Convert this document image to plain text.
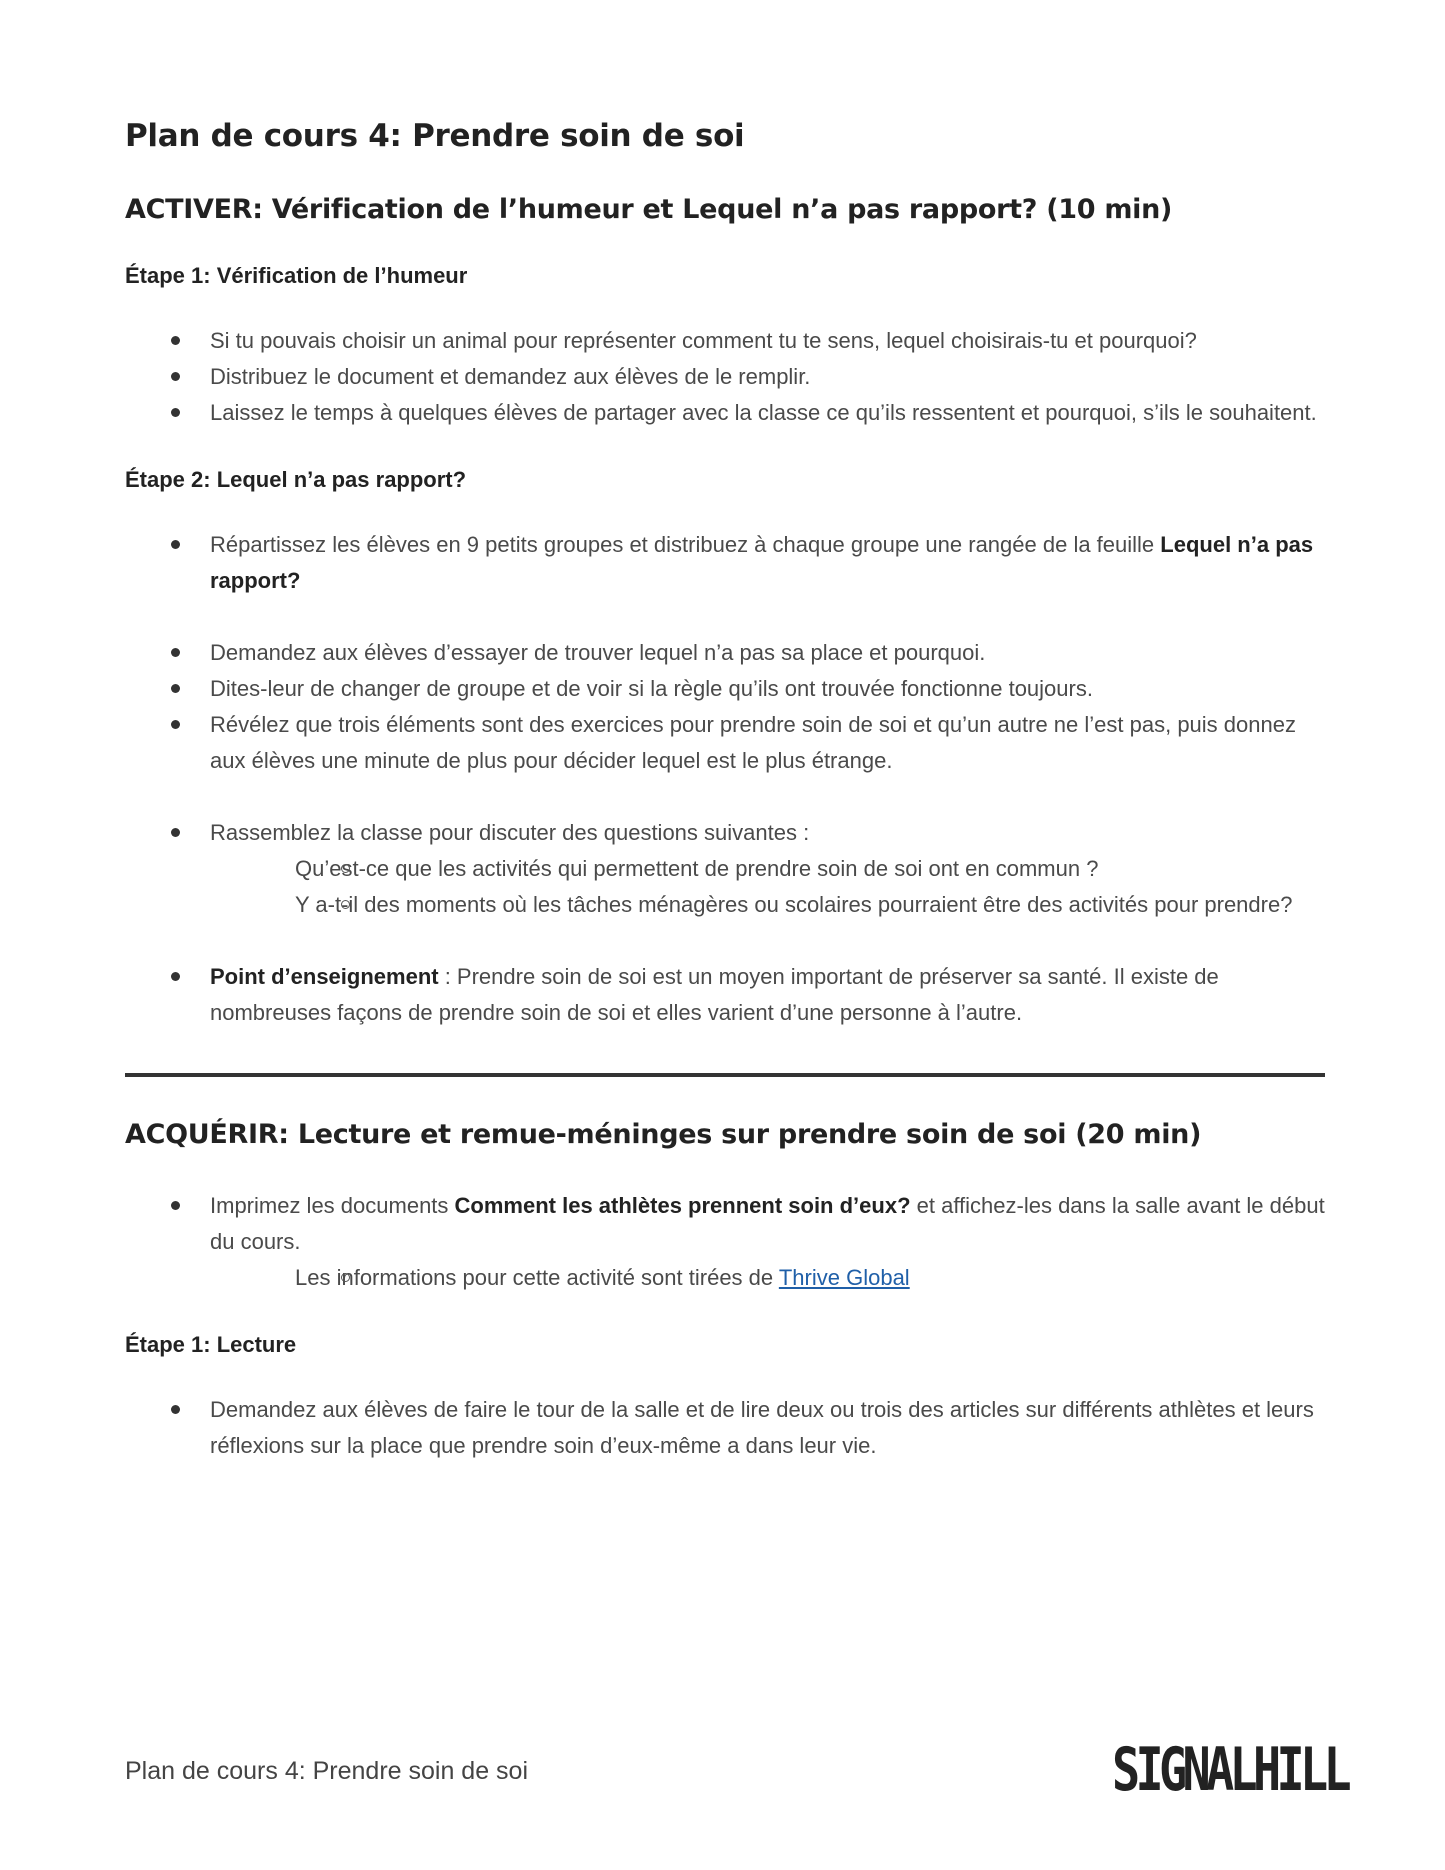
Plan de cours 4: Prendre soin de soi
ACTIVER: Vérification de l’humeur et Lequel n’a pas rapport? (10 min)
Étape 1: Vérification de l’humeur
Si tu pouvais choisir un animal pour représenter comment tu te sens, lequel choisirais-tu et pourquoi?
Distribuez le document et demandez aux élèves de le remplir.
Laissez le temps à quelques élèves de partager avec la classe ce qu’ils ressentent et pourquoi, s’ils le souhaitent.
Étape 2: Lequel n’a pas rapport?
Répartissez les élèves en 9 petits groupes et distribuez à chaque groupe une rangée de la feuille Lequel n’a pas rapport?
Demandez aux élèves d’essayer de trouver lequel n’a pas sa place et pourquoi.
Dites-leur de changer de groupe et de voir si la règle qu’ils ont trouvée fonctionne toujours.
Révélez que trois éléments sont des exercices pour prendre soin de soi et qu’un autre ne l’est pas, puis donnez aux élèves une minute de plus pour décider lequel est le plus étrange.
Rassemblez la classe pour discuter des questions suivantes :
Qu’est-ce que les activités qui permettent de prendre soin de soi ont en commun ?
Y a-t-il des moments où les tâches ménagères ou scolaires pourraient être des activités pour prendre?
Point d’enseignement : Prendre soin de soi est un moyen important de préserver sa santé. Il existe de nombreuses façons de prendre soin de soi et elles varient d’une personne à l’autre.
ACQUÉRIR: Lecture et remue-méninges sur prendre soin de soi (20 min)
Imprimez les documents Comment les athlètes prennent soin d’eux? et affichez-les dans la salle avant le début du cours.
Les informations pour cette activité sont tirées de Thrive Global
Étape 1: Lecture
Demandez aux élèves de faire le tour de la salle et de lire deux ou trois des articles sur différents athlètes et leurs réflexions sur la place que prendre soin d’eux-même a dans leur vie.
Plan de cours 4: Prendre soin de soi	SIGNALHILL
